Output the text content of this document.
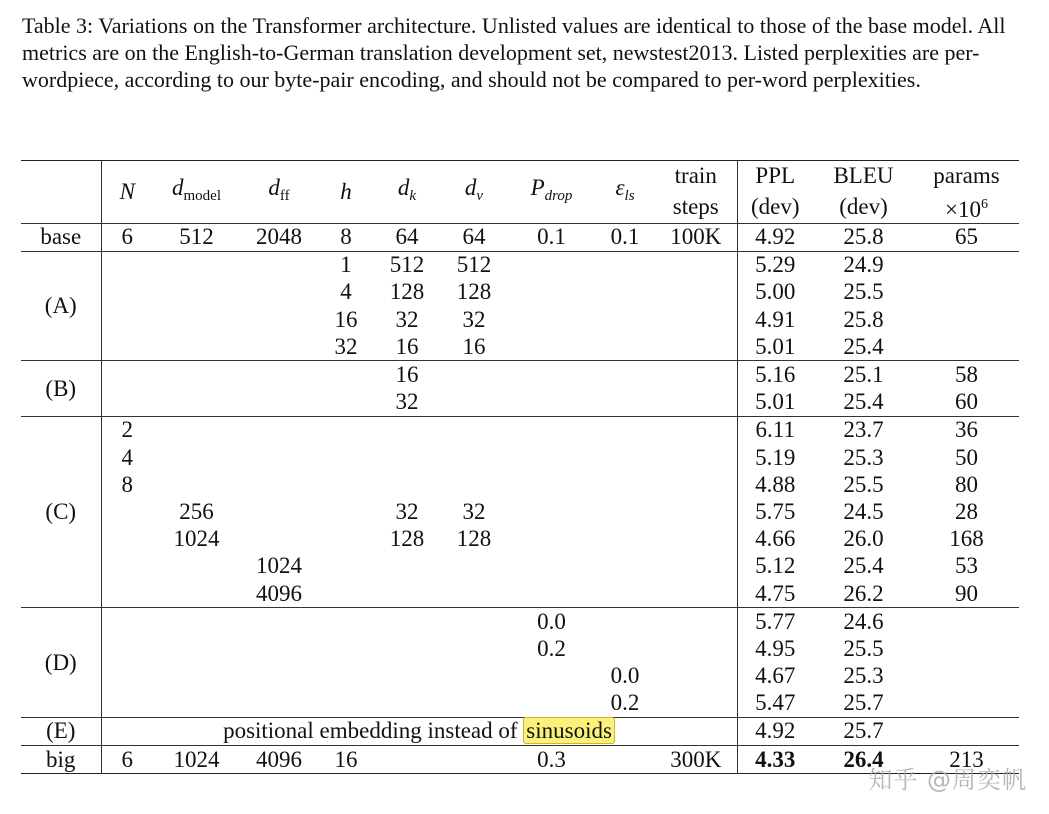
Table 3: Variations on the Transformer architecture. Unlisted values are identical to those of the base model. All metrics are on the English-to-German translation development set, newstest2013. Listed perplexities are per-wordpiece, according to our byte-pair encoding, and should not be compared to per-word perplexities.

	N	$d_{model}$	$d_{ff}$	h	$d_k$	$d_v$	$P_{drop}$	$\varepsilon_{ls}$	train	PPL	BLEU	params
									steps	(dev)	(dev)	$\times 10^6$
base	6	512	2048	8	64	64	0.1	0.1	100K	4.92	25.8	65
(A)				1	512	512				5.29	24.9	
				4	128	128				5.00	25.5	
				16	32	32				4.91	25.8	
				32	16	16				5.01	25.4	
(B)					16					5.16	25.1	58
					32					5.01	25.4	60
(C)	2									6.11	23.7	36
	4									5.19	25.3	50
	8									4.88	25.5	80
		256			32	32				5.75	24.5	28
		1024			128	128				4.66	26.0	168
			1024							5.12	25.4	53
			4096							4.75	26.2	90
(D)							0.0			5.77	24.6	
							0.2			4.95	25.5	
								0.0		4.67	25.3	
								0.2		5.47	25.7	
(E)	positional embedding instead of sinusoids									4.92	25.7	
big	6	1024	4096	16			0.3		300K	4.33	26.4	213
知乎 @周奕帆
